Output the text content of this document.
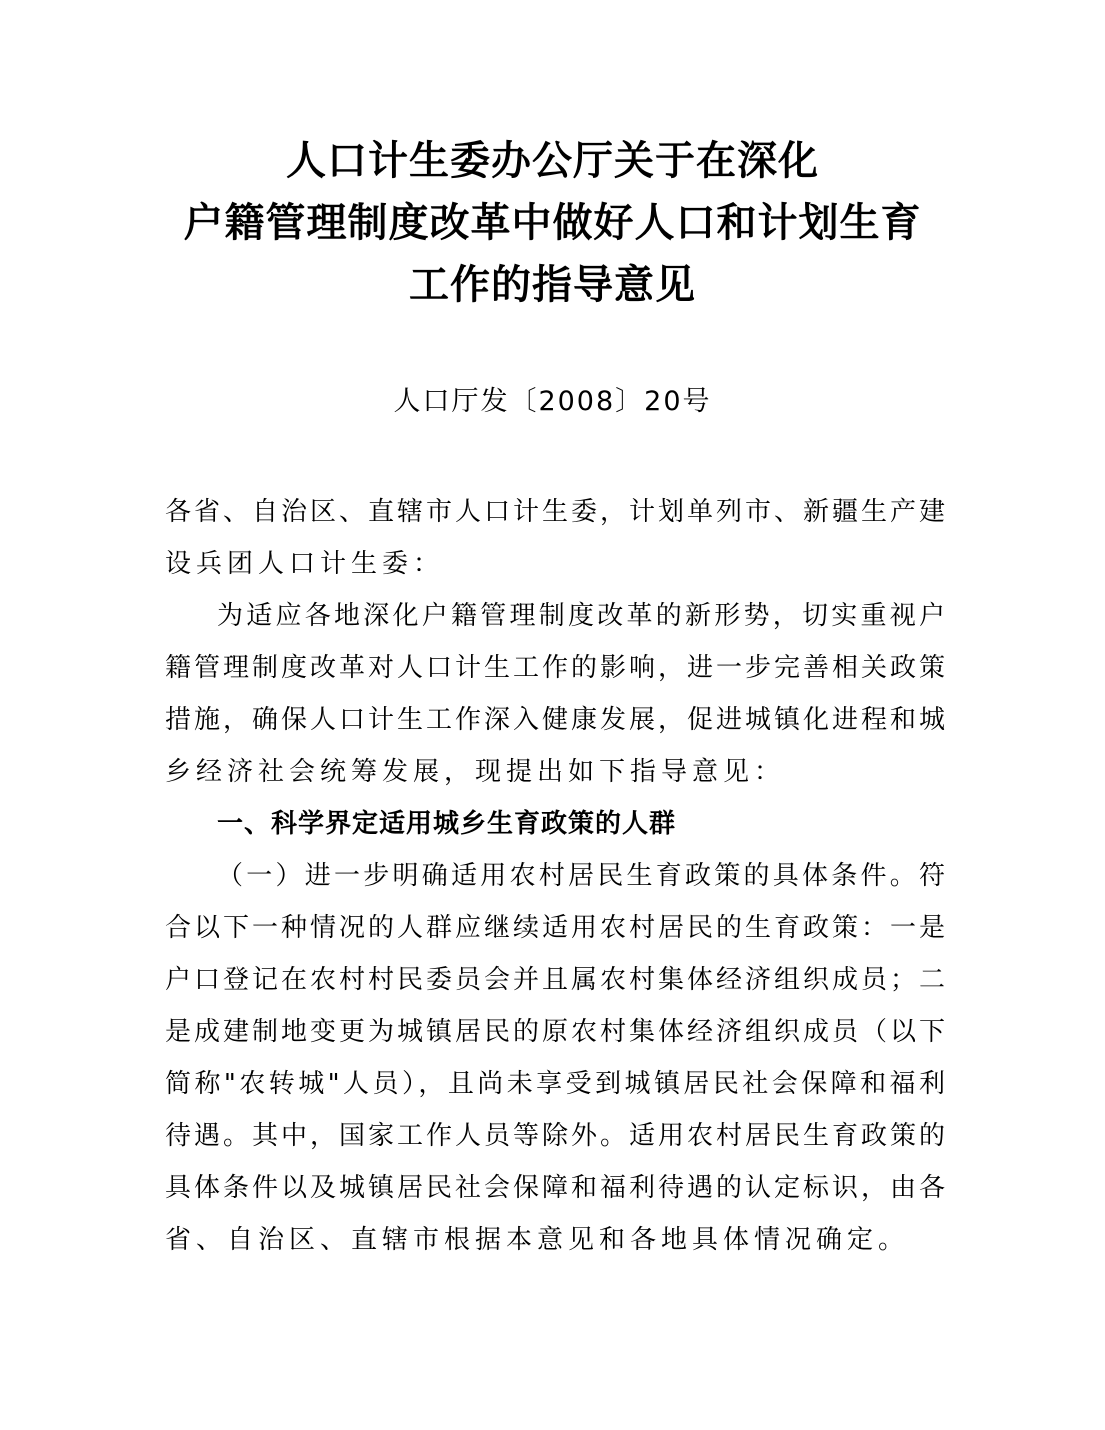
人口计生委办公厅关于在深化
户籍管理制度改革中做好人口和计划生育
工作的指导意见
人口厅发〔2008〕20号
各省、自治区、直辖市人口计生委，计划单列市、新疆生产建
设兵团人口计生委：
为适应各地深化户籍管理制度改革的新形势，切实重视户
籍管理制度改革对人口计生工作的影响，进一步完善相关政策
措施，确保人口计生工作深入健康发展，促进城镇化进程和城
乡经济社会统筹发展，现提出如下指导意见：
一、科学界定适用城乡生育政策的人群
（一）进一步明确适用农村居民生育政策的具体条件。符
合以下一种情况的人群应继续适用农村居民的生育政策：一是
户口登记在农村村民委员会并且属农村集体经济组织成员；二
是成建制地变更为城镇居民的原农村集体经济组织成员（以下
简称"农转城"人员），且尚未享受到城镇居民社会保障和福利
待遇。其中，国家工作人员等除外。适用农村居民生育政策的
具体条件以及城镇居民社会保障和福利待遇的认定标识，由各
省、自治区、直辖市根据本意见和各地具体情况确定。
